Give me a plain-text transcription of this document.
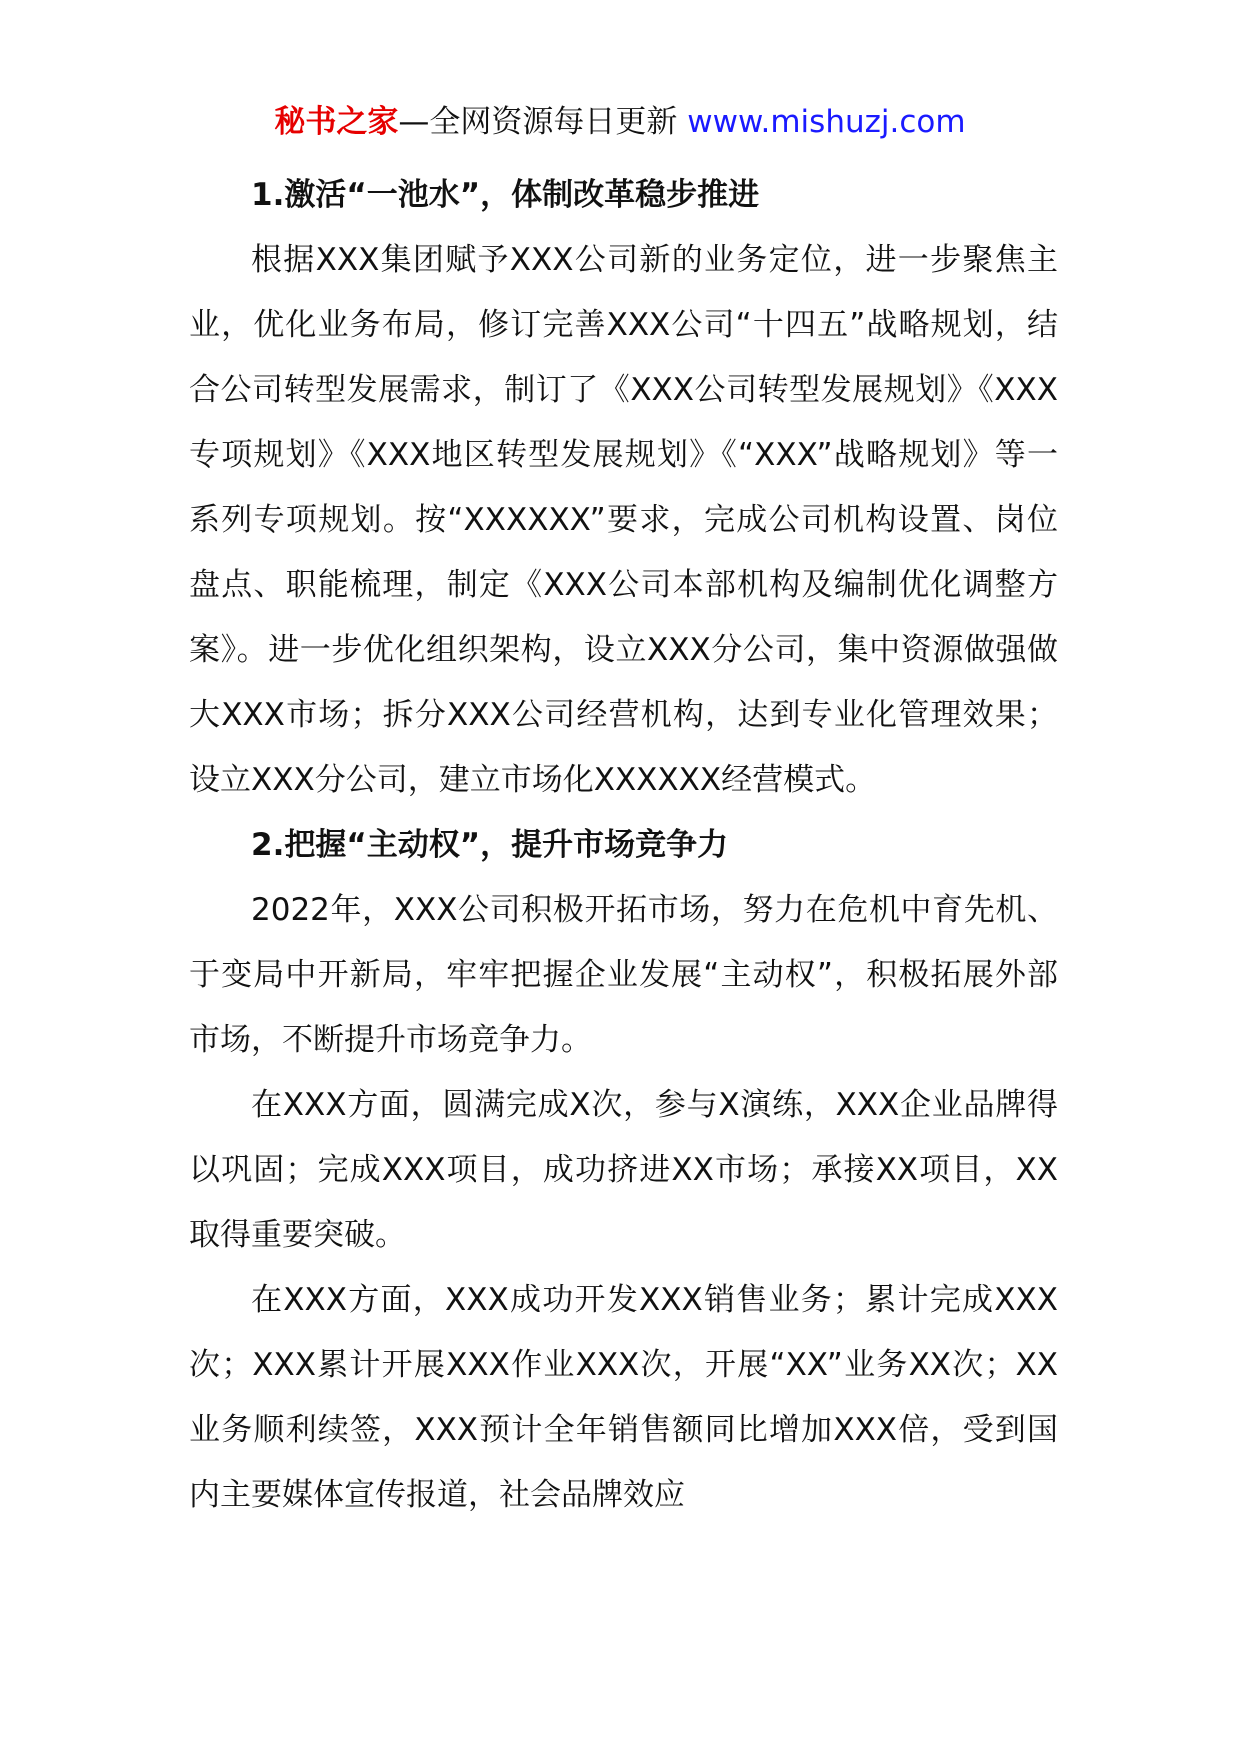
秘书之家—全网资源每日更新 www.mishuzj.com
1.激活“一池水”，体制改革稳步推进

根据XXX集团赋予XXX公司新的业务定位，进一步聚焦主业，优化业务布局，修订完善XXX公司“十四五”战略规划，结合公司转型发展需求，制订了《XXX公司转型发展规划》《XXX专项规划》《XXX地区转型发展规划》《“XXX”战略规划》等一系列专项规划。按“XXXXXX”要求，完成公司机构设置、岗位盘点、职能梳理，制定《XXX公司本部机构及编制优化调整方案》。进一步优化组织架构，设立XXX分公司，集中资源做强做大XXX市场；拆分XXX公司经营机构，达到专业化管理效果；设立XXX分公司，建立市场化XXXXXX经营模式。

2.把握“主动权”，提升市场竞争力

2022年，XXX公司积极开拓市场，努力在危机中育先机、于变局中开新局，牢牢把握企业发展“主动权”，积极拓展外部市场，不断提升市场竞争力。

在XXX方面，圆满完成X次，参与X演练，XXX企业品牌得以巩固；完成XXX项目，成功挤进XX市场；承接XX项目，XX取得重要突破。

在XXX方面，XXX成功开发XXX销售业务；累计完成XXX次；XXX累计开展XXX作业XXX次，开展“XX”业务XX次；XX业务顺利续签，XXX预计全年销售额同比增加XXX倍，受到国内主要媒体宣传报道，社会品牌效应
